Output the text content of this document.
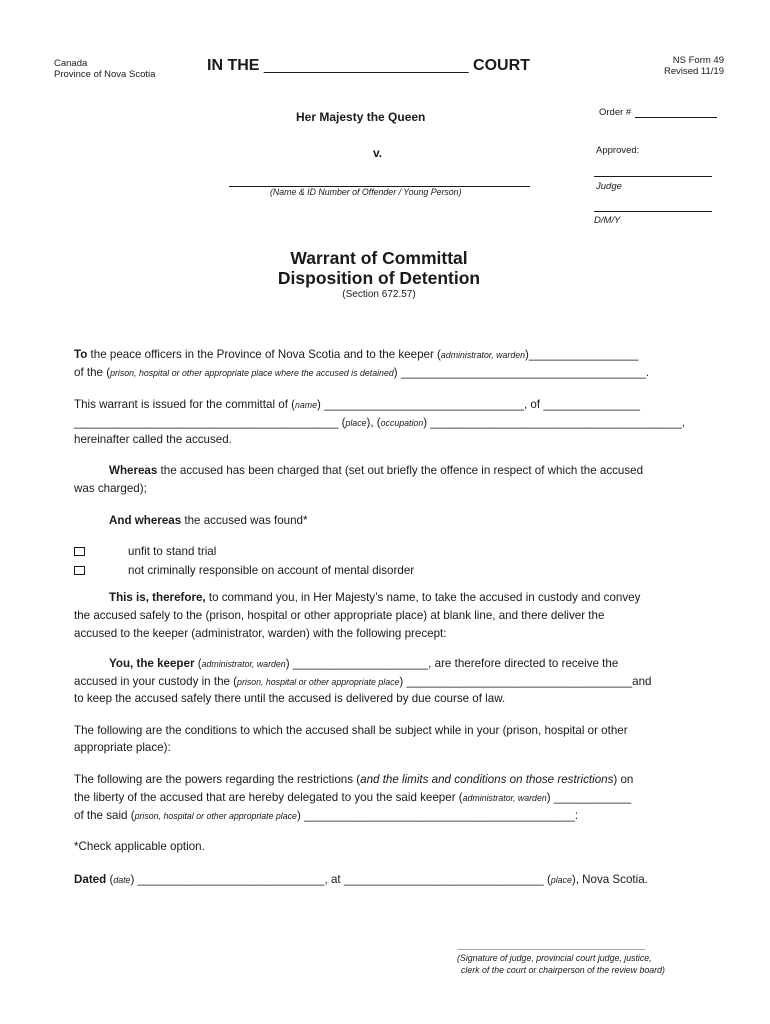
Canada
Province of Nova Scotia
IN THE _______________________ COURT	NS Form 49
Revised 11/19
Her Majesty the Queen
v.
(Name & ID Number of Offender / Young Person)
Order #
Approved:
Judge
D/M/Y
Warrant of Committal
Disposition of Detention
(Section 672.57)
To the peace officers in the Province of Nova Scotia and to the keeper (administrator, warden)_________________
of the (prison, hospital or other appropriate place where the accused is detained) ______________________________________.
This warrant is issued for the committal of (name) _______________________________, of _______________
_________________________________________ (place), (occupation) _______________________________________,
hereinafter called the accused.
Whereas the accused has been charged that (set out briefly the offence in respect of which the accused
was charged);
And whereas the accused was found*
unfit to stand trial
not criminally responsible on account of mental disorder
This is, therefore, to command you, in Her Majesty’s name, to take the accused in custody and convey
the accused safely to the (prison, hospital or other appropriate place) at blank line, and there deliver the
accused to the keeper (administrator, warden) with the following precept:
You, the keeper (administrator, warden) _____________________, are therefore directed to receive the
accused in your custody in the (prison, hospital or other appropriate place) ___________________________________and
to keep the accused safely there until the accused is delivered by due course of law.
The following are the conditions to which the accused shall be subject while in your (prison, hospital or other
appropriate place):
The following are the powers regarding the restrictions (and the limits and conditions on those restrictions) on
the liberty of the accused that are hereby delegated to you the said keeper (administrator, warden) ____________
of the said (prison, hospital or other appropriate place) __________________________________________:
*Check applicable option.
Dated (date) _____________________________, at _______________________________ (place), Nova Scotia.
__________________________________________
(Signature of judge, provincial court judge, justice,
clerk of the court or chairperson of the review board)
